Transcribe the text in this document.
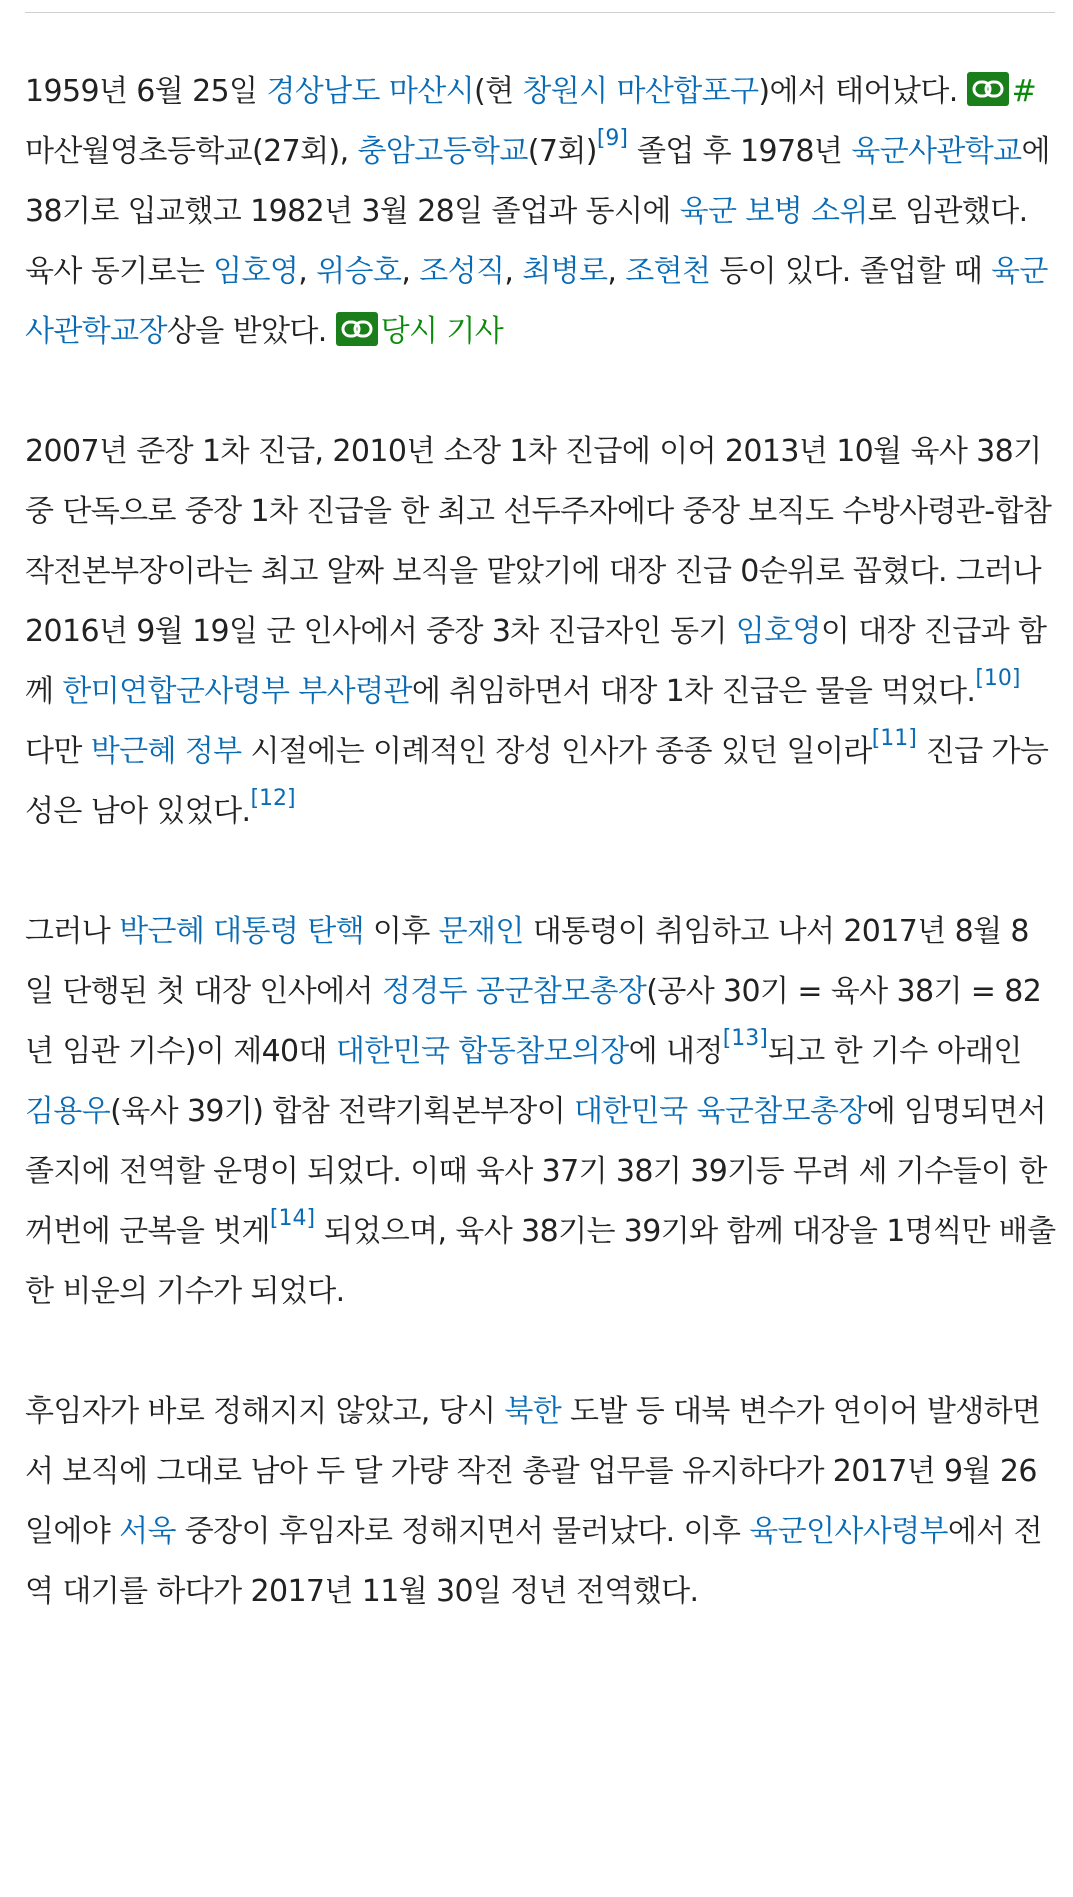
1959년 6월 25일 경상남도 마산시(현 창원시 마산합포구)에서 태어났다.
# 마산월영초등학교(27회), 충암고등학교(7회)[9] 졸업 후 1978년 육군사관학교에 38기로 입교했고 1982년 3월 28일 졸업과 동시에 육군 보병 소위로 임관했다. 육사 동기로는 임호영, 위승호, 조성직, 최병로, 조현천 등이 있다. 졸업할 때 육군사관학교장상을 받았다.
당시 기사

2007년 준장 1차 진급, 2010년 소장 1차 진급에 이어 2013년 10월 육사 38기 중 단독으로 중장 1차 진급을 한 최고 선두주자에다 중장 보직도 수방사령관-합참 작전본부장이라는 최고 알짜 보직을 맡았기에 대장 진급 0순위로 꼽혔다. 그러나 2016년 9월 19일 군 인사에서 중장 3차 진급자인 동기 임호영이 대장 진급과 함께 한미연합군사령부 부사령관에 취임하면서 대장 1차 진급은 물을 먹었다.[10] 다만 박근혜 정부 시절에는 이례적인 장성 인사가 종종 있던 일이라[11] 진급 가능성은 남아 있었다.[12]

그러나 박근혜 대통령 탄핵 이후 문재인 대통령이 취임하고 나서 2017년 8월 8일 단행된 첫 대장 인사에서 정경두 공군참모총장(공사 30기 = 육사 38기 = 82년 임관 기수)이 제40대 대한민국 합동참모의장에 내정[13]되고 한 기수 아래인 김용우(육사 39기) 합참 전략기획본부장이 대한민국 육군참모총장에 임명되면서 졸지에 전역할 운명이 되었다. 이때 육사 37기 38기 39기등 무려 세 기수들이 한꺼번에 군복을 벗게[14] 되었으며, 육사 38기는 39기와 함께 대장을 1명씩만 배출한 비운의 기수가 되었다.

후임자가 바로 정해지지 않았고, 당시 북한 도발 등 대북 변수가 연이어 발생하면서 보직에 그대로 남아 두 달 가량 작전 총괄 업무를 유지하다가 2017년 9월 26일에야 서욱 중장이 후임자로 정해지면서 물러났다. 이후 육군인사사령부에서 전역 대기를 하다가 2017년 11월 30일 정년 전역했다.
